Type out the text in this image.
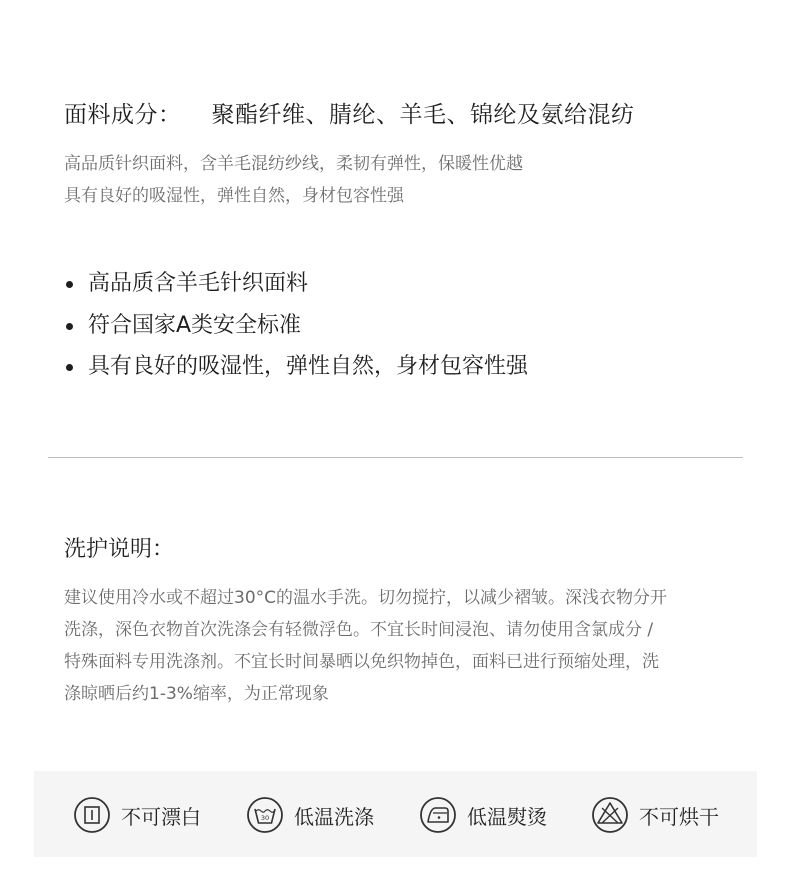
面料成分： 聚酯纤维、腈纶、羊毛、锦纶及氨给混纺
高品质针织面料，含羊毛混纺纱线，柔韧有弹性，保暖性优越
具有良好的吸湿性，弹性自然，身材包容性强
高品质含羊毛针织面料
符合国家A类安全标准
具有良好的吸湿性，弹性自然，身材包容性强
洗护说明：
建议使用冷水或不超过30°C的温水手洗。切勿搅拧，以减少褶皱。深浅衣物分开
洗涤，深色衣物首次洗涤会有轻微浮色。不宜长时间浸泡、请勿使用含氯成分 /
特殊面料专用洗涤剂。不宜长时间暴晒以免织物掉色，面料已进行预缩处理，洗
涤晾晒后约1-3%缩率，为正常现象
不可漂白	30 低温洗涤	低温熨烫	不可烘干
